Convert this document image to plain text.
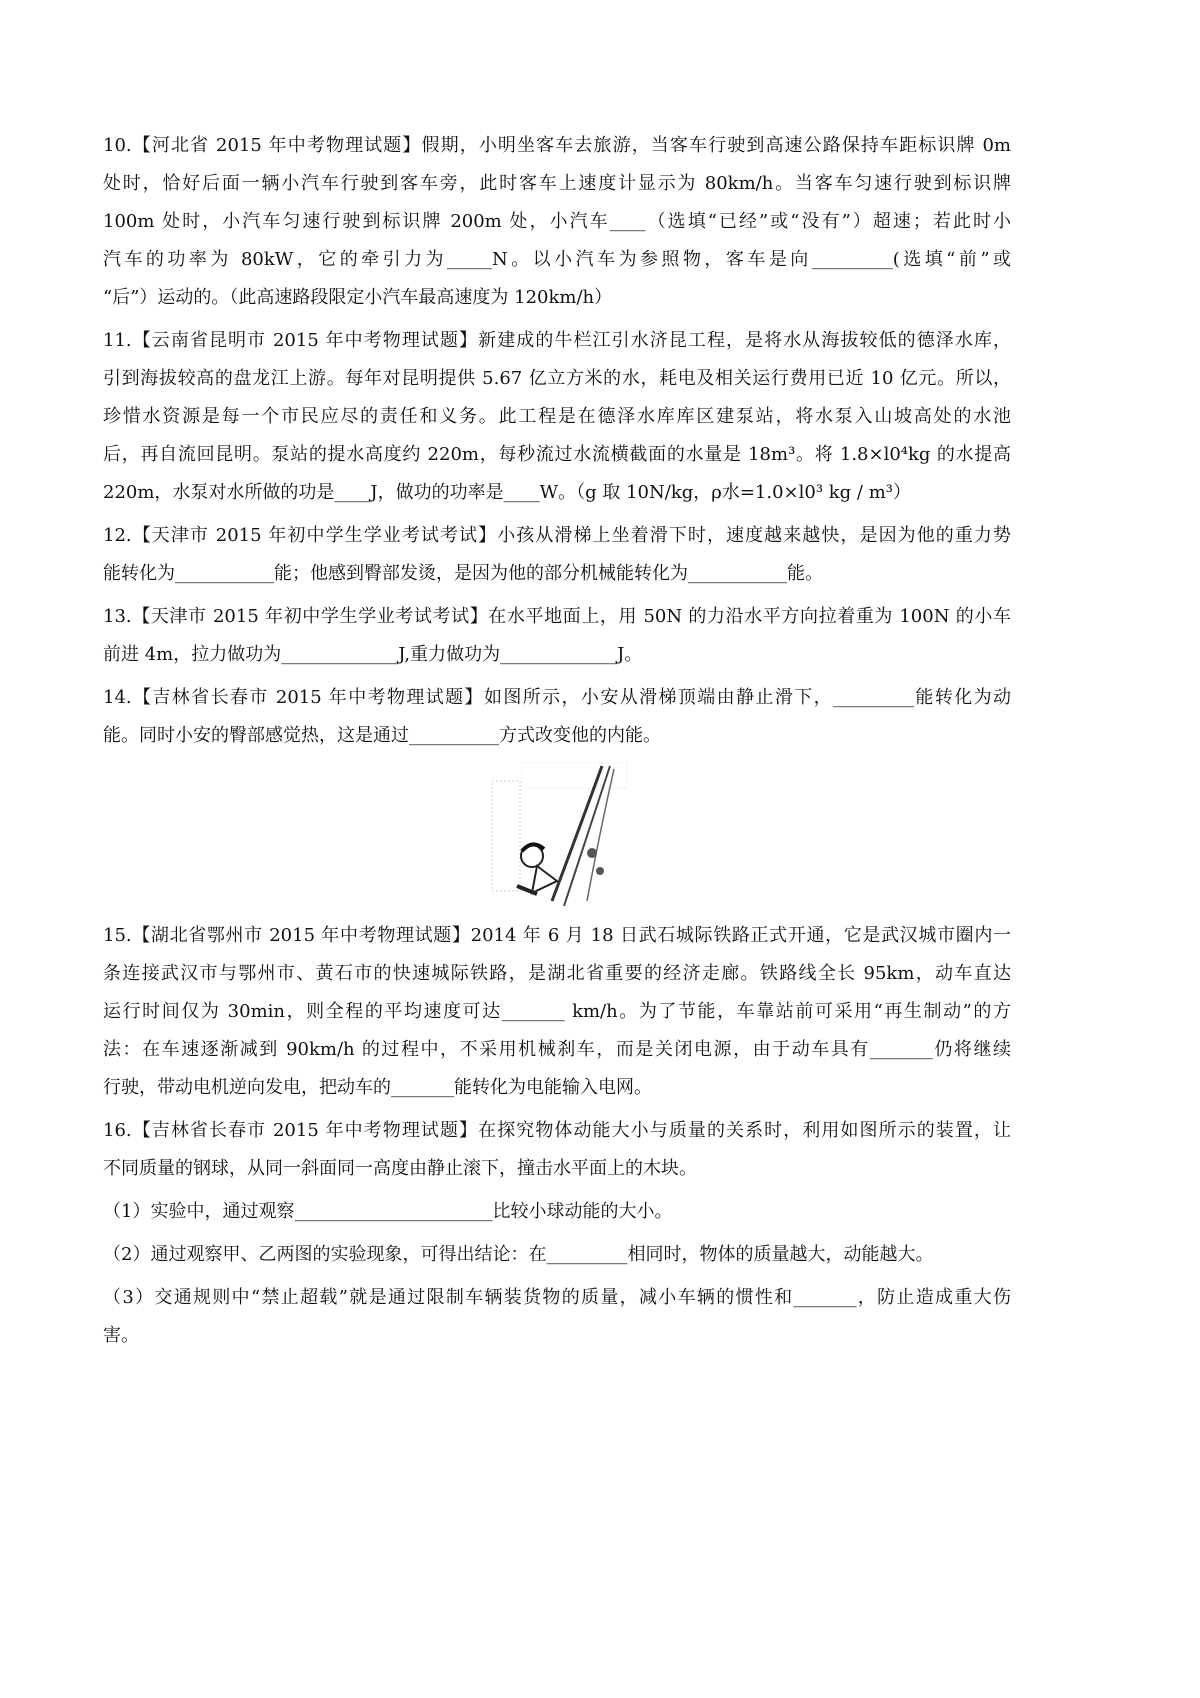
10.【河北省 2015 年中考物理试题】假期，小明坐客车去旅游，当客车行驶到高速公路保持车距标识牌 0m
处时，恰好后面一辆小汽车行驶到客车旁，此时客车上速度计显示为 80km/h。当客车匀速行驶到标识牌
100m 处时，小汽车匀速行驶到标识牌 200m 处，小汽车____（选填“已经”或“没有”）超速；若此时小
汽车的功率为 80kW，它的牵引力为_____N。以小汽车为参照物，客车是向_________(选填“前”或
“后”）运动的。（此高速路段限定小汽车最高速度为 120km/h）
11.【云南省昆明市 2015 年中考物理试题】新建成的牛栏江引水济昆工程，是将水从海拔较低的德泽水库，
引到海拔较高的盘龙江上游。每年对昆明提供 5.67 亿立方米的水，耗电及相关运行费用已近 10 亿元。所以，
珍惜水资源是每一个市民应尽的责任和义务。此工程是在德泽水库库区建泵站，将水泵入山坡高处的水池
后，再自流回昆明。泵站的提水高度约 220m，每秒流过水流横截面的水量是 18m³。将 1.8×l0⁴kg 的水提高
220m，水泵对水所做的功是____J，做功的功率是____W。（g 取 10N/kg，ρ水=1.0×l0³ kg / m³）
12.【天津市 2015 年初中学生学业考试考试】小孩从滑梯上坐着滑下时，速度越来越快，是因为他的重力势
能转化为___________能；他感到臀部发烫，是因为他的部分机械能转化为___________能。
13.【天津市 2015 年初中学生学业考试考试】在水平地面上，用 50N 的力沿水平方向拉着重为 100N 的小车
前进 4m，拉力做功为_____________J,重力做功为_____________J。
14.【吉林省长春市 2015 年中考物理试题】如图所示，小安从滑梯顶端由静止滑下，_________能转化为动
能。同时小安的臀部感觉热，这是通过__________方式改变他的内能。
15.【湖北省鄂州市 2015 年中考物理试题】2014 年 6 月 18 日武石城际铁路正式开通，它是武汉城市圈内一
条连接武汉市与鄂州市、黄石市的快速城际铁路，是湖北省重要的经济走廊。铁路线全长 95km，动车直达
运行时间仅为 30min，则全程的平均速度可达_______ km/h。为了节能，车靠站前可采用“再生制动”的方
法：在车速逐渐减到 90km/h 的过程中，不采用机械刹车，而是关闭电源，由于动车具有_______仍将继续
行驶，带动电机逆向发电，把动车的_______能转化为电能输入电网。
16.【吉林省长春市 2015 年中考物理试题】在探究物体动能大小与质量的关系时，利用如图所示的装置，让
不同质量的钢球，从同一斜面同一高度由静止滚下，撞击水平面上的木块。
（1）实验中，通过观察______________________比较小球动能的大小。
（2）通过观察甲、乙两图的实验现象，可得出结论：在_________相同时，物体的质量越大，动能越大。
（3）交通规则中“禁止超载”就是通过限制车辆装货物的质量，减小车辆的惯性和_______，防止造成重大伤
害。
